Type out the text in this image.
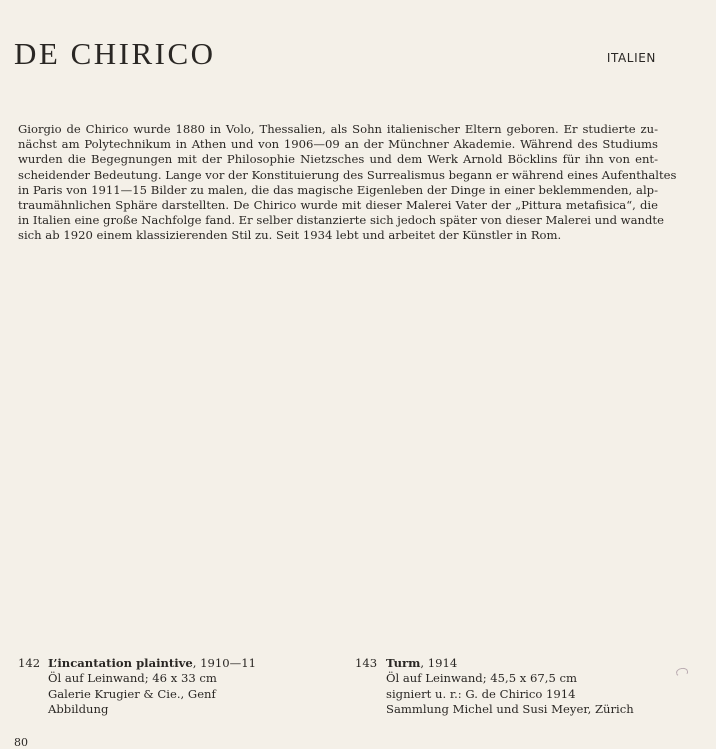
DE CHIRICO	ITALIEN
Giorgio de Chirico wurde 1880 in Volo, Thessalien, als Sohn italienischer Eltern geboren. Er studierte zu-
nächst am Polytechnikum in Athen und von 1906—09 an der Münchner Akademie. Während des Studiums
wurden die Begegnungen mit der Philosophie Nietzsches und dem Werk Arnold Böcklins für ihn von ent-
scheidender Bedeutung. Lange vor der Konstituierung des Surrealismus begann er während eines Aufenthaltes
in Paris von 1911—15 Bilder zu malen, die das magische Eigenleben der Dinge in einer beklemmenden, alp-
traumähnlichen Sphäre darstellten. De Chirico wurde mit dieser Malerei Vater der „Pittura metafisica“, die
in Italien eine große Nachfolge fand. Er selber distanzierte sich jedoch später von dieser Malerei und wandte
sich ab 1920 einem klassizierenden Stil zu. Seit 1934 lebt und arbeitet der Künstler in Rom.
142 L’incantation plaintive, 1910—11
Öl auf Leinwand; 46 x 33 cm
Galerie Krugier & Cie., Genf
Abbildung
143 Turm, 1914
Öl auf Leinwand; 45,5 x 67,5 cm
signiert u. r.: G. de Chirico 1914
Sammlung Michel und Susi Meyer, Zürich
80
